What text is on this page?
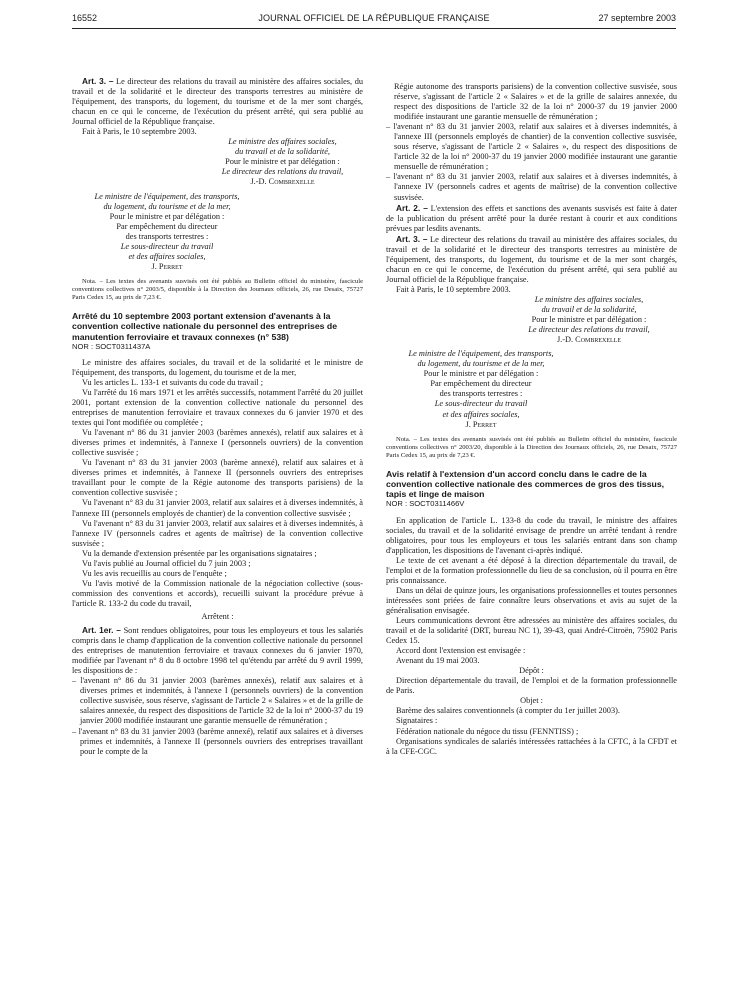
16552	JOURNAL OFFICIEL DE LA RÉPUBLIQUE FRANÇAISE	27 septembre 2003

Art. 3. – Le directeur des relations du travail au ministère des affaires sociales, du travail et de la solidarité et le directeur des transports terrestres au ministère de l'équipement, des transports, du logement, du tourisme et de la mer sont chargés, chacun en ce qui le concerne, de l'exécution du présent arrêté, qui sera publié au Journal officiel de la République française.

Fait à Paris, le 10 septembre 2003.

Le ministre des affaires sociales,
du travail et de la solidarité,
Pour le ministre et par délégation :
Le directeur des relations du travail,
J.-D. Combrexelle
Le ministre de l'équipement, des transports,
du logement, du tourisme et de la mer,
Pour le ministre et par délégation :
Par empêchement du directeur
des transports terrestres :
Le sous-directeur du travail
et des affaires sociales,
J. Perret

Nota. – Les textes des avenants susvisés ont été publiés au Bulletin officiel du ministère, fascicule conventions collectives n° 2003/5, disponible à la Direction des Journaux officiels, 26, rue Desaix, 75727 Paris Cedex 15, au prix de 7,23 €.

Arrêté du 10 septembre 2003 portant extension d'avenants à la convention collective nationale du personnel des entreprises de manutention ferroviaire et travaux connexes (n° 538)

NOR : SOCT0311437A

Le ministre des affaires sociales, du travail et de la solidarité et le ministre de l'équipement, des transports, du logement, du tourisme et de la mer,

Vu les articles L. 133-1 et suivants du code du travail ;

Vu l'arrêté du 16 mars 1971 et les arrêtés successifs, notamment l'arrêté du 20 juillet 2001, portant extension de la convention collective nationale du personnel des entreprises de manutention ferroviaire et travaux connexes du 6 janvier 1970 et des textes qui l'ont modifiée ou complétée ;

Vu l'avenant n° 86 du 31 janvier 2003 (barèmes annexés), relatif aux salaires et à diverses primes et indemnités, à l'annexe I (personnels ouvriers) de la convention collective susvisée ;

Vu l'avenant n° 83 du 31 janvier 2003 (barème annexé), relatif aux salaires et à diverses primes et indemnités, à l'annexe II (personnels ouvriers des entreprises travaillant pour le compte de la Régie autonome des transports parisiens) de la convention collective susvisée ;

Vu l'avenant n° 83 du 31 janvier 2003, relatif aux salaires et à diverses indemnités, à l'annexe III (personnels employés de chantier) de la convention collective susvisée ;

Vu l'avenant n° 83 du 31 janvier 2003, relatif aux salaires et à diverses indemnités, à l'annexe IV (personnels cadres et agents de maîtrise) de la convention collective susvisée ;

Vu la demande d'extension présentée par les organisations signataires ;

Vu l'avis publié au Journal officiel du 7 juin 2003 ;

Vu les avis recueillis au cours de l'enquête ;

Vu l'avis motivé de la Commission nationale de la négociation collective (sous-commission des conventions et accords), recueilli suivant la procédure prévue à l'article R. 133-2 du code du travail,

Arrêtent :

Art. 1er. – Sont rendues obligatoires, pour tous les employeurs et tous les salariés compris dans le champ d'application de la convention collective nationale du personnel des entreprises de manutention ferroviaire et travaux connexes du 6 janvier 1970, modifiée par l'avenant n° 8 du 8 octobre 1998 tel qu'étendu par arrêté du 9 avril 1999, les dispositions de :

– l'avenant n° 86 du 31 janvier 2003 (barèmes annexés), relatif aux salaires et à diverses primes et indemnités, à l'annexe I (personnels ouvriers) de la convention collective susvisée, sous réserve, s'agissant de l'article 2 « Salaires » et de la grille de salaires annexée, du respect des dispositions de l'article 32 de la loi n° 2000-37 du 19 janvier 2000 modifiée instaurant une garantie mensuelle de rémunération ;

– l'avenant n° 83 du 31 janvier 2003 (barème annexé), relatif aux salaires et à diverses primes et indemnités, à l'annexe II (personnels ouvriers des entreprises travaillant pour le compte de la

Régie autonome des transports parisiens) de la convention collective susvisée, sous réserve, s'agissant de l'article 2 « Salaires » et de la grille de salaires annexée, du respect des dispositions de l'article 32 de la loi n° 2000-37 du 19 janvier 2000 modifiée instaurant une garantie mensuelle de rémunération ;

– l'avenant n° 83 du 31 janvier 2003, relatif aux salaires et à diverses indemnités, à l'annexe III (personnels employés de chantier) de la convention collective susvisée, sous réserve, s'agissant de l'article 2 « Salaires », du respect des dispositions de l'article 32 de la loi n° 2000-37 du 19 janvier 2000 modifiée instaurant une garantie mensuelle de rémunération ;

– l'avenant n° 83 du 31 janvier 2003, relatif aux salaires et à diverses indemnités, à l'annexe IV (personnels cadres et agents de maîtrise) de la convention collective susvisée.

Art. 2. – L'extension des effets et sanctions des avenants susvisés est faite à dater de la publication du présent arrêté pour la durée restant à courir et aux conditions prévues par lesdits avenants.

Art. 3. – Le directeur des relations du travail au ministère des affaires sociales, du travail et de la solidarité et le directeur des transports terrestres au ministère de l'équipement, des transports, du logement, du tourisme et de la mer sont chargés, chacun en ce qui le concerne, de l'exécution du présent arrêté, qui sera publié au Journal officiel de la République française.

Fait à Paris, le 10 septembre 2003.

Le ministre des affaires sociales,
du travail et de la solidarité,
Pour le ministre et par délégation :
Le directeur des relations du travail,
J.-D. Combrexelle
Le ministre de l'équipement, des transports,
du logement, du tourisme et de la mer,
Pour le ministre et par délégation :
Par empêchement du directeur
des transports terrestres :
Le sous-directeur du travail
et des affaires sociales,
J. Perret

Nota. – Les textes des avenants susvisés ont été publiés au Bulletin officiel du ministère, fascicule conventions collectives n° 2003/20, disponible à la Direction des Journaux officiels, 26, rue Desaix, 75727 Paris Cedex 15, au prix de 7,23 €.

Avis relatif à l'extension d'un accord conclu dans le cadre de la convention collective nationale des commerces de gros des tissus, tapis et linge de maison

NOR : SOCT0311466V

En application de l'article L. 133-8 du code du travail, le ministre des affaires sociales, du travail et de la solidarité envisage de prendre un arrêté tendant à rendre obligatoires, pour tous les employeurs et tous les salariés entrant dans son champ d'application, les dispositions de l'avenant ci-après indiqué.

Le texte de cet avenant a été déposé à la direction départementale du travail, de l'emploi et de la formation professionnelle du lieu de sa conclusion, où il pourra en être pris connaissance.

Dans un délai de quinze jours, les organisations professionnelles et toutes personnes intéressées sont priées de faire connaître leurs observations et avis au sujet de la généralisation envisagée.

Leurs communications devront être adressées au ministère des affaires sociales, du travail et de la solidarité (DRT, bureau NC 1), 39-43, quai André-Citroën, 75902 Paris Cedex 15.

Accord dont l'extension est envisagée :

Avenant du 19 mai 2003.

Dépôt :

Direction départementale du travail, de l'emploi et de la formation professionnelle de Paris.

Objet :

Barème des salaires conventionnels (à compter du 1er juillet 2003).

Signataires :

Fédération nationale du négoce du tissu (FENNTISS) ;

Organisations syndicales de salariés intéressées rattachées à la CFTC, à la CFDT et à la CFE-CGC.
